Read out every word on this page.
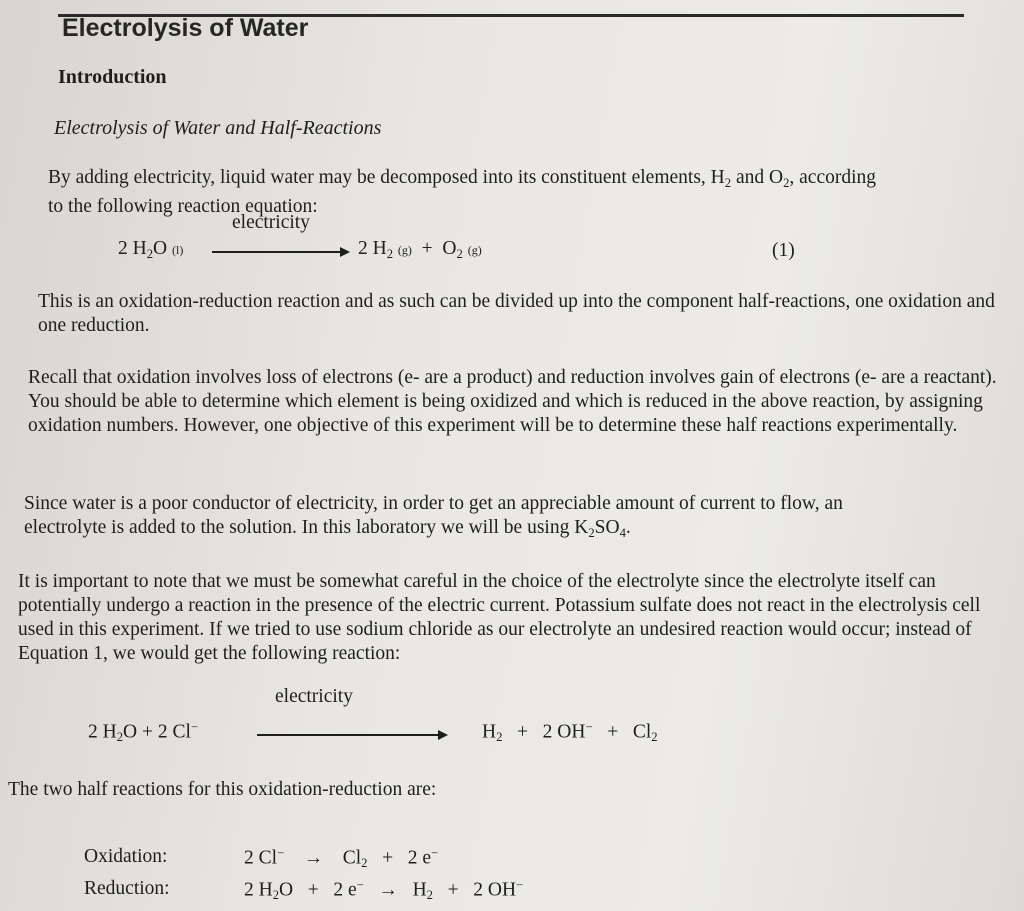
Electrolysis of Water
Introduction
Electrolysis of Water and Half-Reactions
By adding electricity, liquid water may be decomposed into its constituent elements, $H_2$ and $O_2$, according
to the following reaction equation:
electricity
2 $H_2O$ (l)	2 $H_2$ $(g) + O_2$ (g)	(1)

This is an oxidation-reduction reaction and as such can be divided up into the component half-reactions, one oxidation and one reduction.

Recall that oxidation involves loss of electrons (e- are a product) and reduction involves gain of electrons (e- are a reactant). You should be able to determine which element is being oxidized and which is reduced in the above reaction, by assigning oxidation numbers. However, one objective of this experiment will be to determine these half reactions experimentally.

Since water is a poor conductor of electricity, in order to get an appreciable amount of current to flow, an
electrolyte is added to the solution. In this laboratory we will be using $K_2SO_4$.

It is important to note that we must be somewhat careful in the choice of the electrolyte since the electrolyte itself can potentially undergo a reaction in the presence of the electric current. Potassium sulfate does not react in the electrolysis cell used in this experiment. If we tried to use sodium chloride as our electrolyte an undesired reaction would occur; instead of Equation 1, we would get the following reaction:

electricity
2 $H_2O + 2$ Cl−	$H_2 + 2$ $OH^- + Cl_2$
The two half reactions for this oxidation-reduction are:
Oxidation:	2 $Cl^- \to Cl_2 + 2$ e−
Reduction:	2 $H_2O + 2$ $e^- \to H_2 + 2$ OH−
